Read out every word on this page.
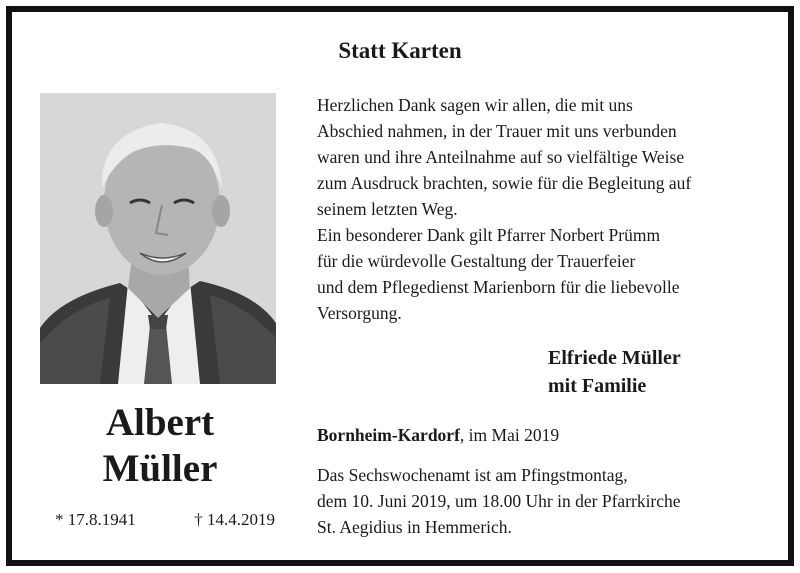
Statt Karten
Albert
Müller
* 17.8.1941	† 14.4.2019

Herzlichen Dank sagen wir allen, die mit uns
Abschied nahmen, in der Trauer mit uns verbunden
waren und ihre Anteilnahme auf so vielfältige Weise
zum Ausdruck brachten, sowie für die Begleitung auf
seinem letzten Weg.

Ein besonderer Dank gilt Pfarrer Norbert Prümm
für die würdevolle Gestaltung der Trauerfeier
und dem Pflegedienst Marienborn für die liebevolle
Versorgung.

Elfriede Müller
mit Familie
Bornheim-Kardorf, im Mai 2019

Das Sechswochenamt ist am Pfingstmontag,
dem 10. Juni 2019, um 18.00 Uhr in der Pfarrkirche
St. Aegidius in Hemmerich.
